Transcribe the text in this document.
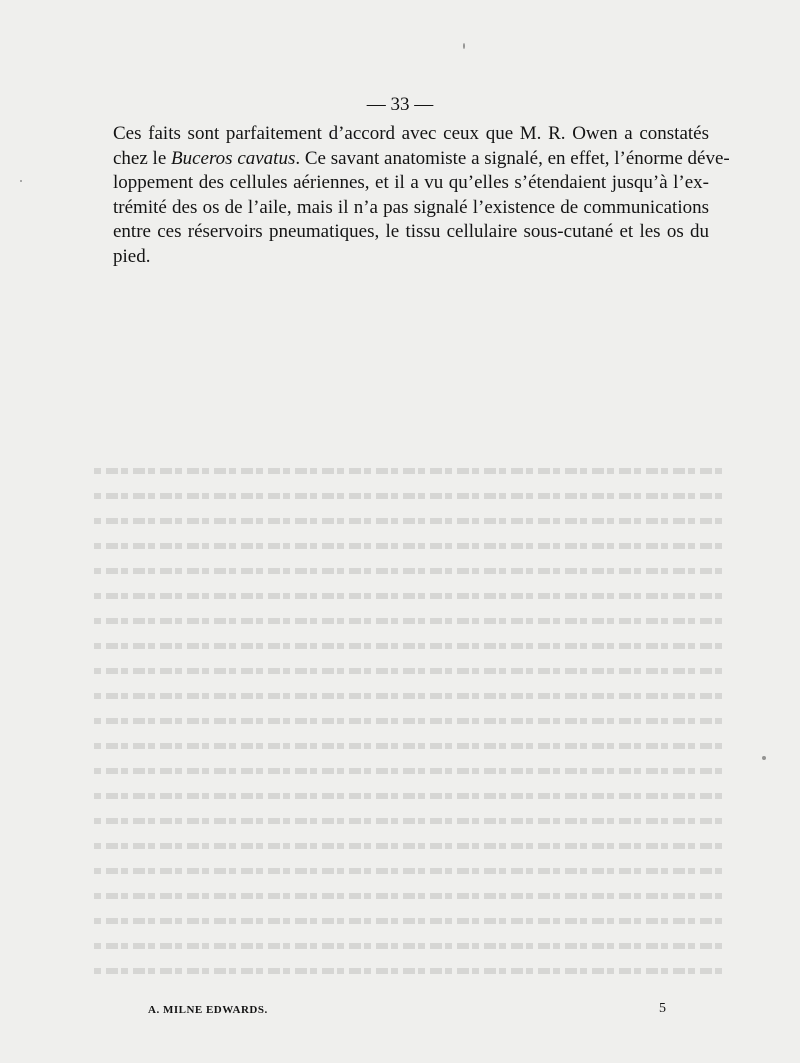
— 33 —

Ces faits sont parfaitement d’accord avec ceux que M. R. Owen a constatés
chez le Buceros cavatus. Ce savant anatomiste a signalé, en effet, l’énorme déve-
loppement des cellules aériennes, et il a vu qu’elles s’étendaient jusqu’à l’ex-
trémité des os de l’aile, mais il n’a pas signalé l’existence de communications
entre ces réservoirs pneumatiques, le tissu cellulaire sous-cutané et les os du
pied.

A. MILNE EDWARDS.	5
